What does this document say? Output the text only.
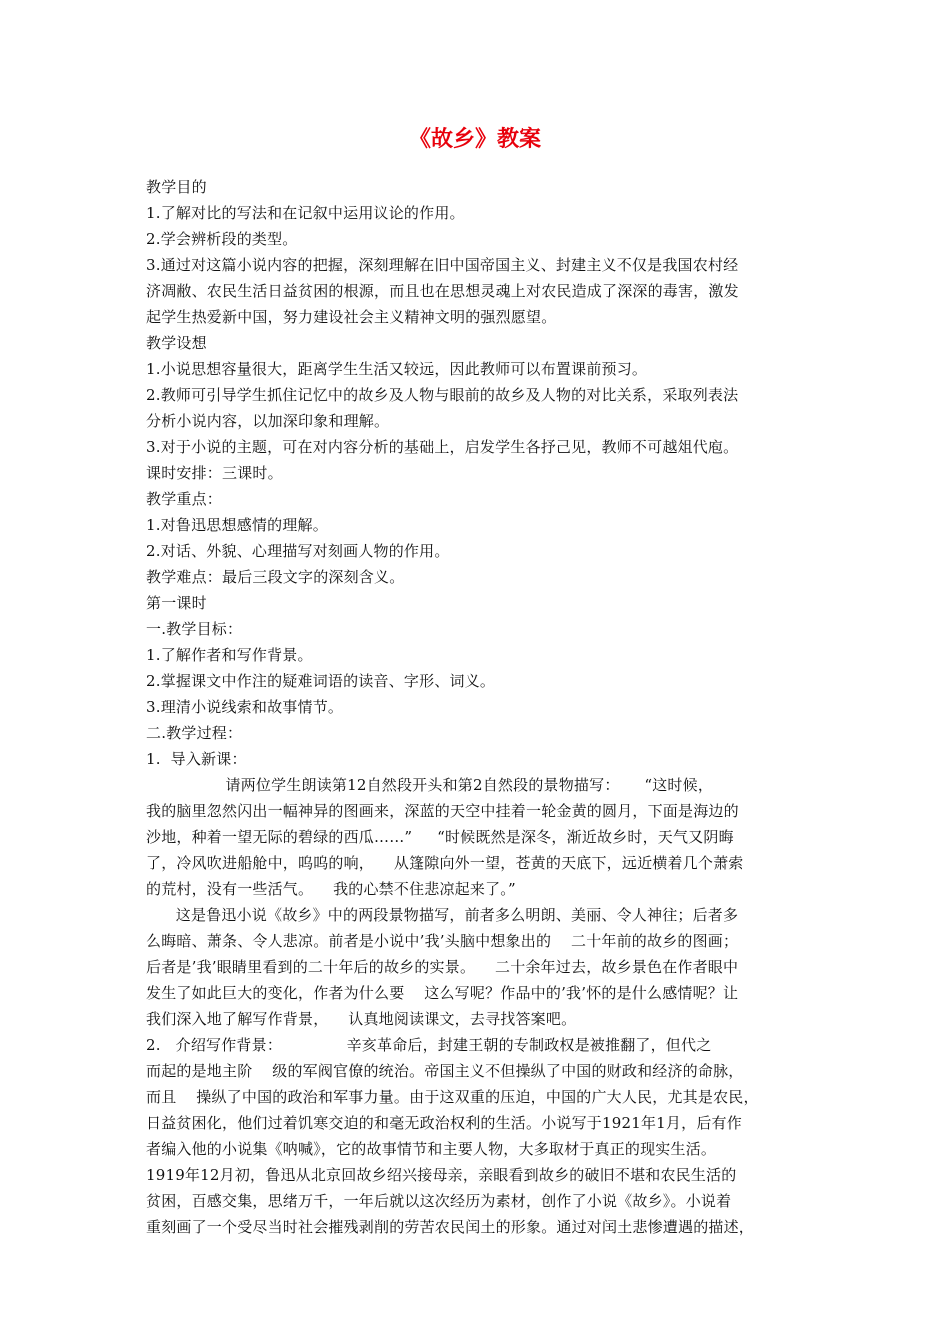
《故乡》教案

教学目的

1.了解对比的写法和在记叙中运用议论的作用。

2.学会辨析段的类型。

3.通过对这篇小说内容的把握，深刻理解在旧中国帝国主义、封建主义不仅是我国农村经

济凋敝、农民生活日益贫困的根源，而且也在思想灵魂上对农民造成了深深的毒害，激发

起学生热爱新中国，努力建设社会主义精神文明的强烈愿望。

教学设想

1.小说思想容量很大，距离学生生活又较远，因此教师可以布置课前预习。

2.教师可引导学生抓住记忆中的故乡及人物与眼前的故乡及人物的对比关系，采取列表法

分析小说内容，以加深印象和理解。

3.对于小说的主题，可在对内容分析的基础上，启发学生各抒己见，教师不可越俎代庖。

课时安排：三课时。

教学重点：

1.对鲁迅思想感情的理解。

2.对话、外貌、心理描写对刻画人物的作用。

教学难点：最后三段文字的深刻含义。

第一课时

一.教学目标：

1.了解作者和写作背景。

2.掌握课文中作注的疑难词语的读音、字形、词义。

3.理清小说线索和故事情节。

二.教学过程：

1.  导入新课：

请两位学生朗读第12自然段开头和第2自然段的景物描写：     “这时候，

我的脑里忽然闪出一幅神异的图画来，深蓝的天空中挂着一轮金黄的圆月，下面是海边的

沙地，种着一望无际的碧绿的西瓜……”     “时候既然是深冬，渐近故乡时，天气又阴晦

了，冷风吹进船舱中，呜呜的响，    从篷隙向外一望，苍黄的天底下，远近横着几个萧索

的荒村，没有一些活气。    我的心禁不住悲凉起来了。”

这是鲁迅小说《故乡》中的两段景物描写，前者多么明朗、美丽、令人神往；后者多

么晦暗、萧条、令人悲凉。前者是小说中’我’头脑中想象出的    二十年前的故乡的图画；

后者是’我’眼睛里看到的二十年后的故乡的实景。    二十余年过去，故乡景色在作者眼中

发生了如此巨大的变化，作者为什么要    这么写呢？作品中的’我’怀的是什么感情呢？让

我们深入地了解写作背景，    认真地阅读课文，去寻找答案吧。

2.   介绍写作背景：             辛亥革命后，封建王朝的专制政权是被推翻了，但代之

而起的是地主阶    级的军阀官僚的统治。帝国主义不但操纵了中国的财政和经济的命脉，

而且    操纵了中国的政治和军事力量。由于这双重的压迫，中国的广大人民，尤其是农民，

日益贫困化，他们过着饥寒交迫的和毫无政治权利的生活。小说写于1921年1月，后有作

者编入他的小说集《呐喊》，它的故事情节和主要人物，大多取材于真正的现实生活。

1919年12月初，鲁迅从北京回故乡绍兴接母亲，亲眼看到故乡的破旧不堪和农民生活的

贫困，百感交集，思绪万千，一年后就以这次经历为素材，创作了小说《故乡》。小说着

重刻画了一个受尽当时社会摧残剥削的劳苦农民闰土的形象。通过对闰土悲惨遭遇的描述，
